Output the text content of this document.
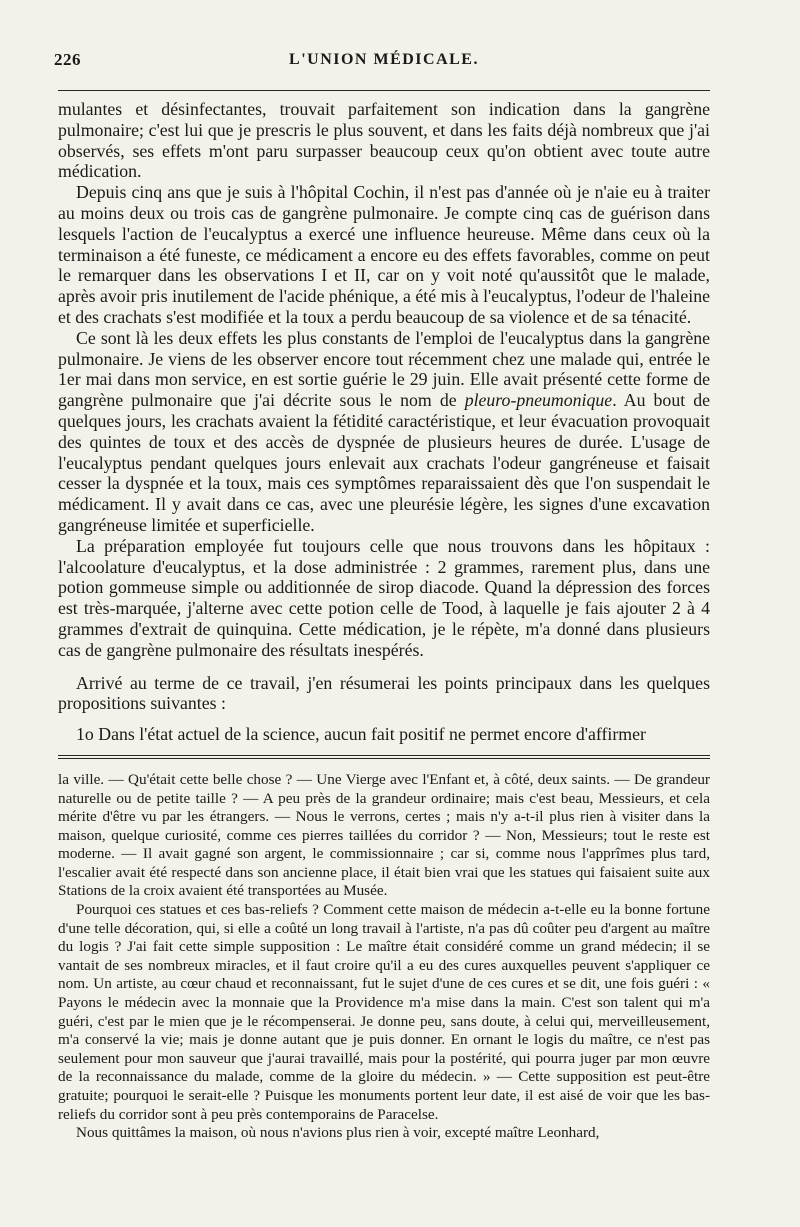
226	L'UNION MÉDICALE.

mulantes et désinfectantes, trouvait parfaitement son indication dans la gangrène pulmonaire; c'est lui que je prescris le plus souvent, et dans les faits déjà nombreux que j'ai observés, ses effets m'ont paru surpasser beaucoup ceux qu'on obtient avec toute autre médication.

Depuis cinq ans que je suis à l'hôpital Cochin, il n'est pas d'année où je n'aie eu à traiter au moins deux ou trois cas de gangrène pulmonaire. Je compte cinq cas de guérison dans lesquels l'action de l'eucalyptus a exercé une influence heureuse. Même dans ceux où la terminaison a été funeste, ce médicament a encore eu des effets favorables, comme on peut le remarquer dans les observations I et II, car on y voit noté qu'aussitôt que le malade, après avoir pris inutilement de l'acide phénique, a été mis à l'eucalyptus, l'odeur de l'haleine et des crachats s'est modifiée et la toux a perdu beaucoup de sa violence et de sa ténacité.

Ce sont là les deux effets les plus constants de l'emploi de l'eucalyptus dans la gangrène pulmonaire. Je viens de les observer encore tout récemment chez une malade qui, entrée le 1er mai dans mon service, en est sortie guérie le 29 juin. Elle avait présenté cette forme de gangrène pulmonaire que j'ai décrite sous le nom de pleuro-pneumonique. Au bout de quelques jours, les crachats avaient la fétidité caractéristique, et leur évacuation provoquait des quintes de toux et des accès de dyspnée de plusieurs heures de durée. L'usage de l'eucalyptus pendant quelques jours enlevait aux crachats l'odeur gangréneuse et faisait cesser la dyspnée et la toux, mais ces symptômes reparaissaient dès que l'on suspendait le médicament. Il y avait dans ce cas, avec une pleurésie légère, les signes d'une excavation gangréneuse limitée et superficielle.

La préparation employée fut toujours celle que nous trouvons dans les hôpitaux : l'alcoolature d'eucalyptus, et la dose administrée : 2 grammes, rarement plus, dans une potion gommeuse simple ou additionnée de sirop diacode. Quand la dépression des forces est très-marquée, j'alterne avec cette potion celle de Tood, à laquelle je fais ajouter 2 à 4 grammes d'extrait de quinquina. Cette médication, je le répète, m'a donné dans plusieurs cas de gangrène pulmonaire des résultats inespérés.

Arrivé au terme de ce travail, j'en résumerai les points principaux dans les quelques propositions suivantes :

1o Dans l'état actuel de la science, aucun fait positif ne permet encore d'affirmer

la ville. — Qu'était cette belle chose ? — Une Vierge avec l'Enfant et, à côté, deux saints. — De grandeur naturelle ou de petite taille ? — A peu près de la grandeur ordinaire; mais c'est beau, Messieurs, et cela mérite d'être vu par les étrangers. — Nous le verrons, certes ; mais n'y a-t-il plus rien à visiter dans la maison, quelque curiosité, comme ces pierres taillées du corridor ? — Non, Messieurs; tout le reste est moderne. — Il avait gagné son argent, le commissionnaire ; car si, comme nous l'apprîmes plus tard, l'escalier avait été respecté dans son ancienne place, il était bien vrai que les statues qui faisaient suite aux Stations de la croix avaient été transportées au Musée.

Pourquoi ces statues et ces bas-reliefs ? Comment cette maison de médecin a-t-elle eu la bonne fortune d'une telle décoration, qui, si elle a coûté un long travail à l'artiste, n'a pas dû coûter peu d'argent au maître du logis ? J'ai fait cette simple supposition : Le maître était considéré comme un grand médecin; il se vantait de ses nombreux miracles, et il faut croire qu'il a eu des cures auxquelles peuvent s'appliquer ce nom. Un artiste, au cœur chaud et reconnaissant, fut le sujet d'une de ces cures et se dit, une fois guéri : « Payons le médecin avec la monnaie que la Providence m'a mise dans la main. C'est son talent qui m'a guéri, c'est par le mien que je le récompenserai. Je donne peu, sans doute, à celui qui, merveilleusement, m'a conservé la vie; mais je donne autant que je puis donner. En ornant le logis du maître, ce n'est pas seulement pour mon sauveur que j'aurai travaillé, mais pour la postérité, qui pourra juger par mon œuvre de la reconnaissance du malade, comme de la gloire du médecin. » — Cette supposition est peut-être gratuite; pourquoi le serait-elle ? Puisque les monuments portent leur date, il est aisé de voir que les bas-reliefs du corridor sont à peu près contemporains de Paracelse.

Nous quittâmes la maison, où nous n'avions plus rien à voir, excepté maître Leonhard,
